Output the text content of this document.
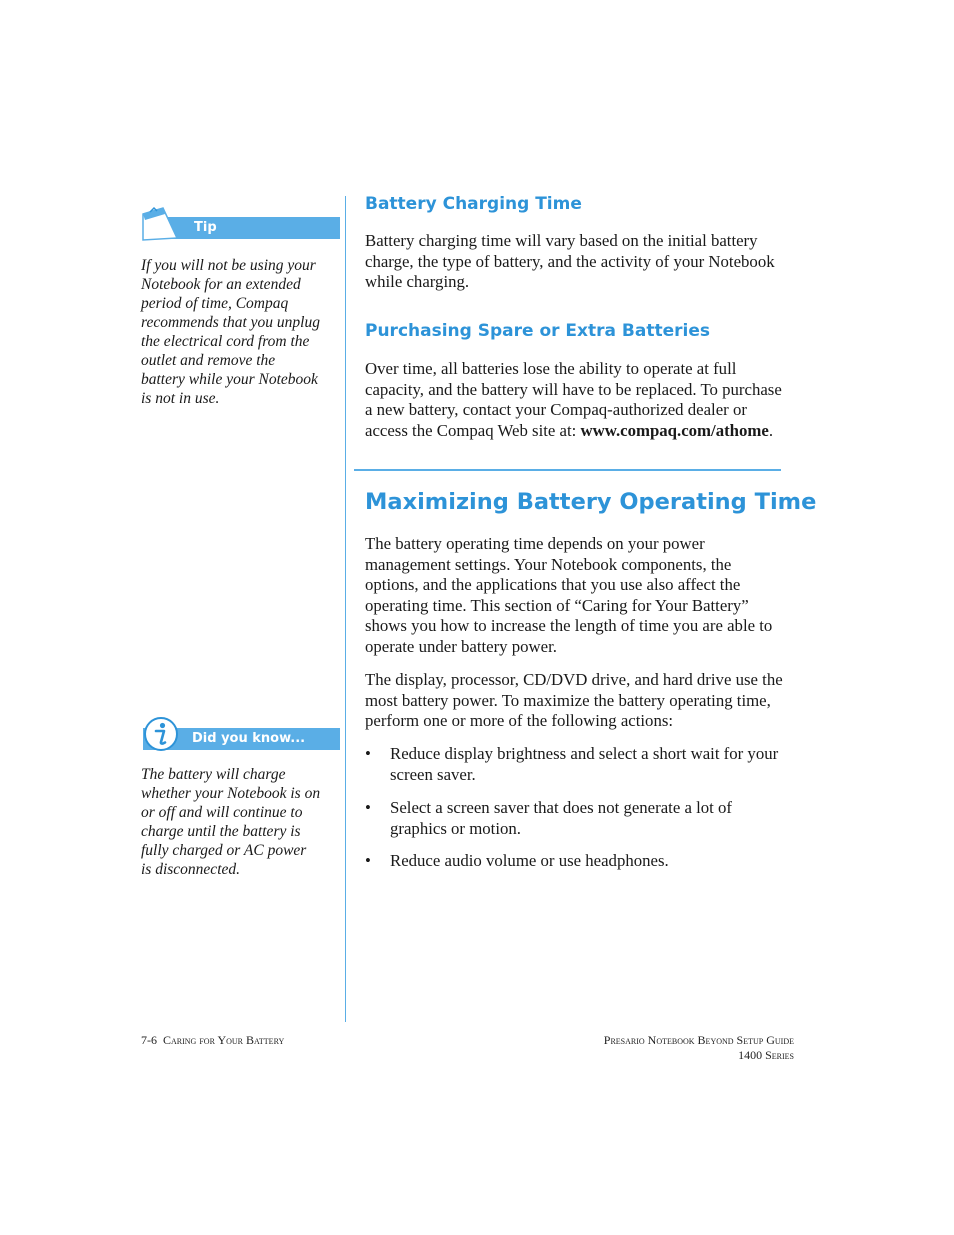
Tip
If you will not be using your
Notebook for an extended
period of time, Compaq
recommends that you unplug
the electrical cord from the
outlet and remove the
battery while your Notebook
is not in use.
Did you know...
The battery will charge
whether your Notebook is on
or off and will continue to
charge until the battery is
fully charged or AC power
is disconnected.
Battery Charging Time
Battery charging time will vary based on the initial battery
charge, the type of battery, and the activity of your Notebook
while charging.
Purchasing Spare or Extra Batteries
Over time, all batteries lose the ability to operate at full
capacity, and the battery will have to be replaced. To purchase
a new battery, contact your Compaq-authorized dealer or
access the Compaq Web site at: www.compaq.com/athome.
Maximizing Battery Operating Time
The battery operating time depends on your power
management settings. Your Notebook components, the
options, and the applications that you use also affect the
operating time. This section of “Caring for Your Battery”
shows you how to increase the length of time you are able to
operate under battery power.
The display, processor, CD/DVD drive, and hard drive use the
most battery power. To maximize the battery operating time,
perform one or more of the following actions:
• Reduce display brightness and select a short wait for your
screen saver.
• Select a screen saver that does not generate a lot of
graphics or motion.
• Reduce audio volume or use headphones.
7-6 Caring for Your Battery	Presario Notebook Beyond Setup Guide
1400 Series
